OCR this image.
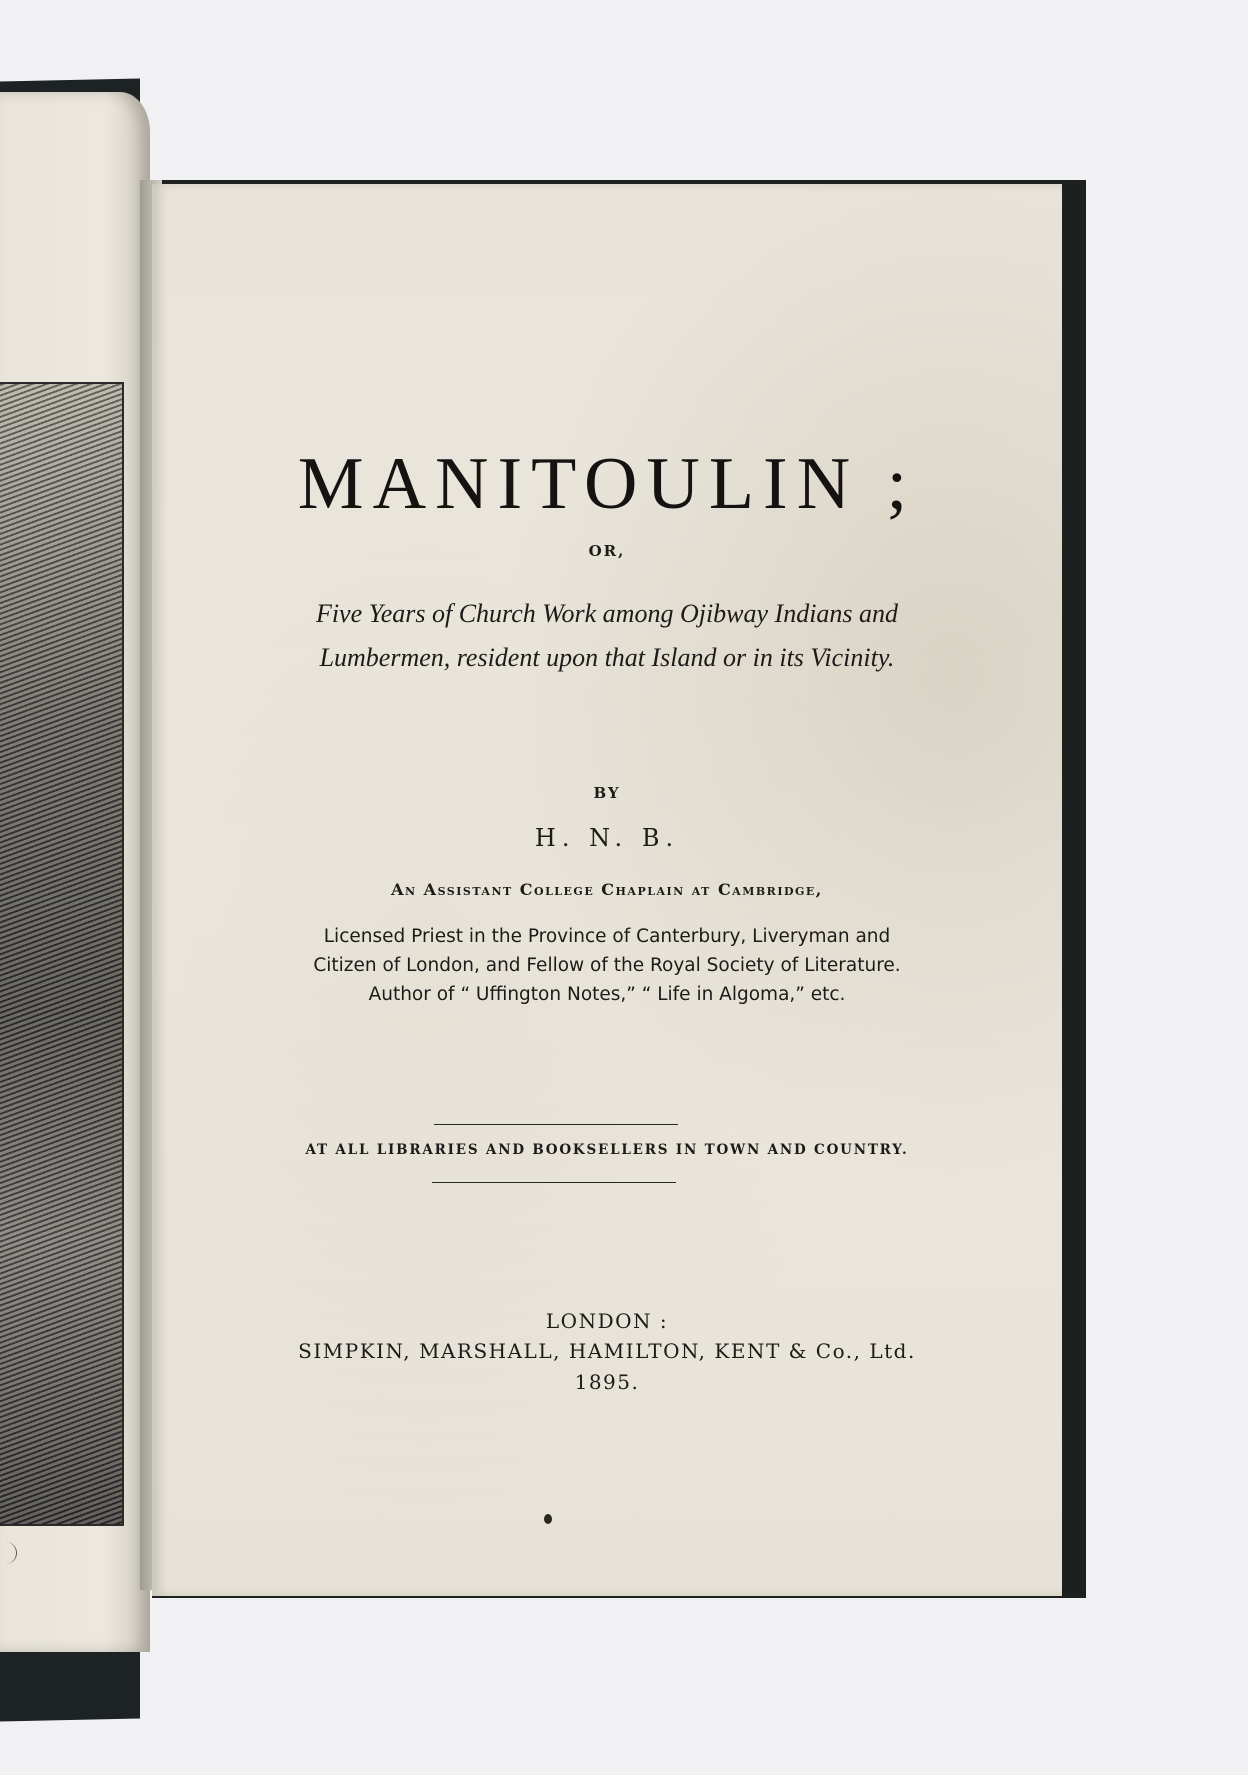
MANITOULIN ;
OR,
Five Years of Church Work among Ojibway Indians and Lumbermen, resident upon that Island or in its Vicinity.
BY
H. N. B.
An Assistant College Chaplain at Cambridge,
Licensed Priest in the Province of Canterbury, Liveryman and
Citizen of London, and Fellow of the Royal Society of Literature.
Author of “ Uffington Notes,” “ Life in Algoma,” etc.
AT ALL LIBRARIES AND BOOKSELLERS IN TOWN AND COUNTRY.
LONDON :
SIMPKIN, MARSHALL, HAMILTON, KENT & Co., Ltd.
1895.
